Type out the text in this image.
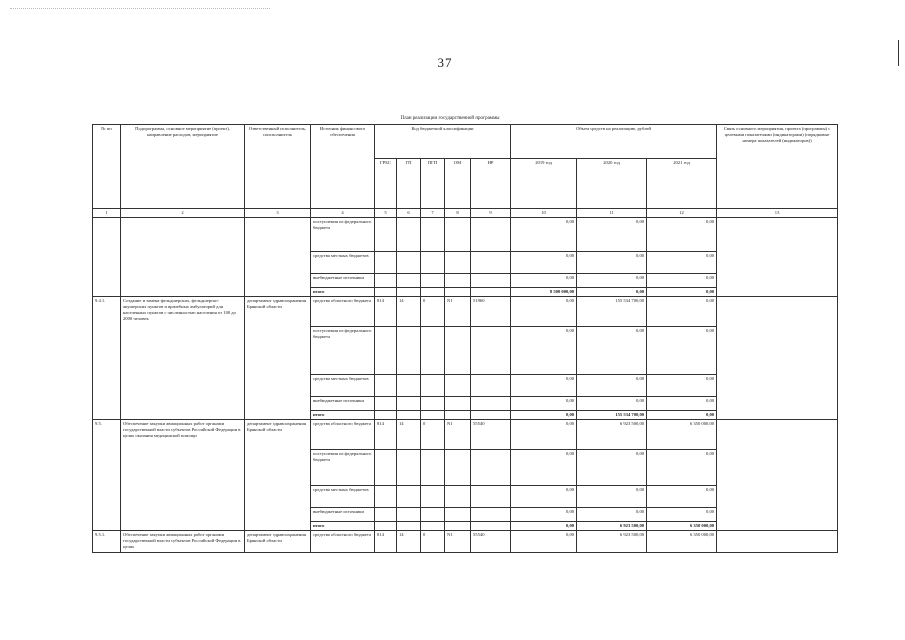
37
План реализации государственной программы
№ пп	Подпрограмма, основное мероприятие (проект), направление расходов, мероприятие	Ответственный исполнитель, соисполнитель	Источник финансового обеспечения	Код бюджетной классификации					Объем средств на реализацию, рублей			Связь основного мероприятия, проекта (программы) с целевыми показателями (индикаторами) (порядковые номера показателей (индикаторов))
				ГРБС	ГП	ПГП	ОМ	НР	2019 год	2020 год	2021 год	
1	2	3	4	5	6	7	8	9	10	11	12	13
			поступления из федерального бюджета						0,00	0,00	0,00	
			средства местных бюджетов						0,00	0,00	0,00	
			внебюджетные источники						0,00	0,00	0,00	
			итого						8 500 000,00	0,00	0,00	
9.4.1.	Создание и замена фельдшерских, фельдшерско-акушерских пунктов и врачебных амбулаторий для населенных пунктов с численностью населения от 100 до 2000 человек	департамент здравоохранения Брянской области	средства областного бюджета	814	14	0	N1	51960	0,00	155 534 700,00	0,00	
			поступления из федерального бюджета						0,00	0,00	0,00	
			средства местных бюджетов						0,00	0,00	0,00	
			внебюджетные источники						0,00	0,00	0,00	
			итого						0,00	155 534 700,00	0,00	
9.5.	Обеспечение закупки авиационных работ органами государственной власти субъектов Российской Федерации в целях оказания медицинской помощи	департамент здравоохранения Брянской области	средства областного бюджета	814	14	0	N1	55540	0,00	6 923 500,00	6 350 000,00	
			поступления из федерального бюджета						0,00	0,00	0,00	
			средства местных бюджетов						0,00	0,00	0,00	
			внебюджетные источники						0,00	0,00	0,00	
			итого						0,00	6 923 500,00	6 350 000,00	
9.5.1.	Обеспечение закупки авиационных работ органами государственной власти субъектов Российской Федерации в целях	департамент здравоохранения Брянской области	средства областного бюджета	814	14	0	N1	55540	0,00	6 923 500,00	6 350 000,00	
